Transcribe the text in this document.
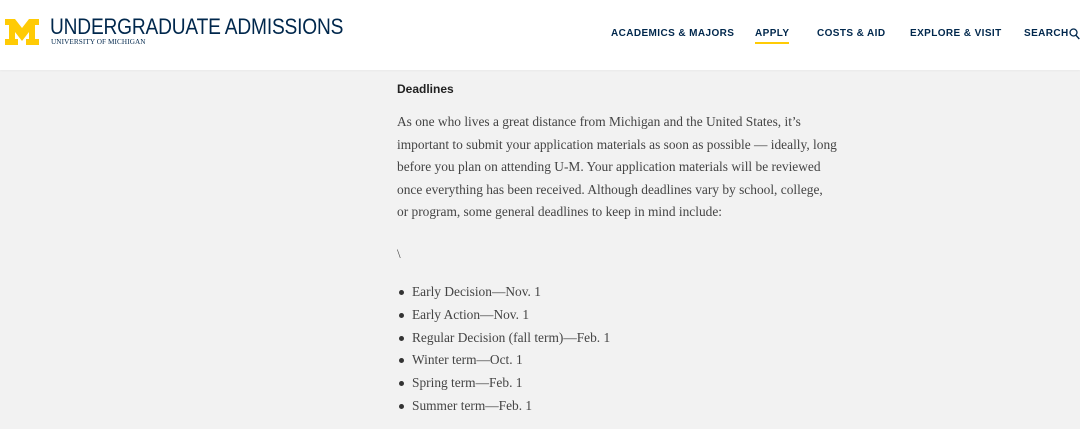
UNDERGRADUATE ADMISSIONS
UNIVERSITY OF MICHIGAN
ACADEMICS & MAJORS APPLY	COSTS & AID EXPLORE & VISIT SEARCH
Deadlines

As one who lives a great distance from Michigan and the United States, it’s important to submit your application materials as soon as possible — ideally, long before you plan on attending U-M. Your application materials will be reviewed once everything has been received. Although deadlines vary by school, college, or program, some general deadlines to keep in mind include:

\

Early Decision—Nov. 1
Early Action—Nov. 1
Regular Decision (fall term)—Feb. 1
Winter term—Oct. 1
Spring term—Feb. 1
Summer term—Feb. 1
